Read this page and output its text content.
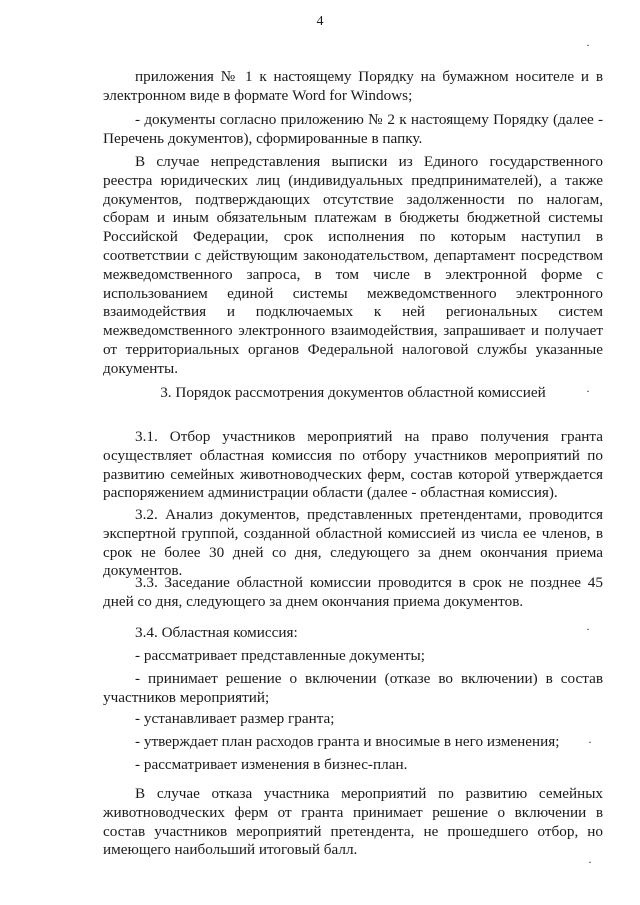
4

приложения № 1 к настоящему Порядку на бумажном носителе и в электронном виде в формате Word for Windows;

- документы согласно приложению № 2 к настоящему Порядку (далее - Перечень документов), сформированные в папку.

В случае непредставления выписки из Единого государственного реестра юридических лиц (индивидуальных предпринимателей), а также документов, подтверждающих отсутствие задолженности по налогам, сборам и иным обязательным платежам в бюджеты бюджетной системы Российской Федерации, срок исполнения по которым наступил в соответствии с действующим законодательством, департамент посредством межведомственного запроса, в том числе в электронной форме с использованием единой системы межведомственного электронного взаимодействия и подключаемых к ней региональных систем межведомственного электронного взаимодействия, запрашивает и получает от территориальных органов Федеральной налоговой службы указанные документы.

3. Порядок рассмотрения документов областной комиссией

3.1. Отбор участников мероприятий на право получения гранта осуществляет областная комиссия по отбору участников мероприятий по развитию семейных животноводческих ферм, состав которой утверждается распоряжением администрации области (далее - областная комиссия).

3.2. Анализ документов, представленных претендентами, проводится экспертной группой, созданной областной комиссией из числа ее членов, в срок не более 30 дней со дня, следующего за днем окончания приема документов.

3.3. Заседание областной комиссии проводится в срок не позднее 45 дней со дня, следующего за днем окончания приема документов.

3.4. Областная комиссия:

- рассматривает представленные документы;

- принимает решение о включении (отказе во включении) в состав участников мероприятий;

- устанавливает размер гранта;

- утверждает план расходов гранта и вносимые в него изменения;

- рассматривает изменения в бизнес-план.

В случае отказа участника мероприятий по развитию семейных животноводческих ферм от гранта принимает решение о включении в состав участников мероприятий претендента, не прошедшего отбор, но имеющего наибольший итоговый балл.

·
·
·
·
·
